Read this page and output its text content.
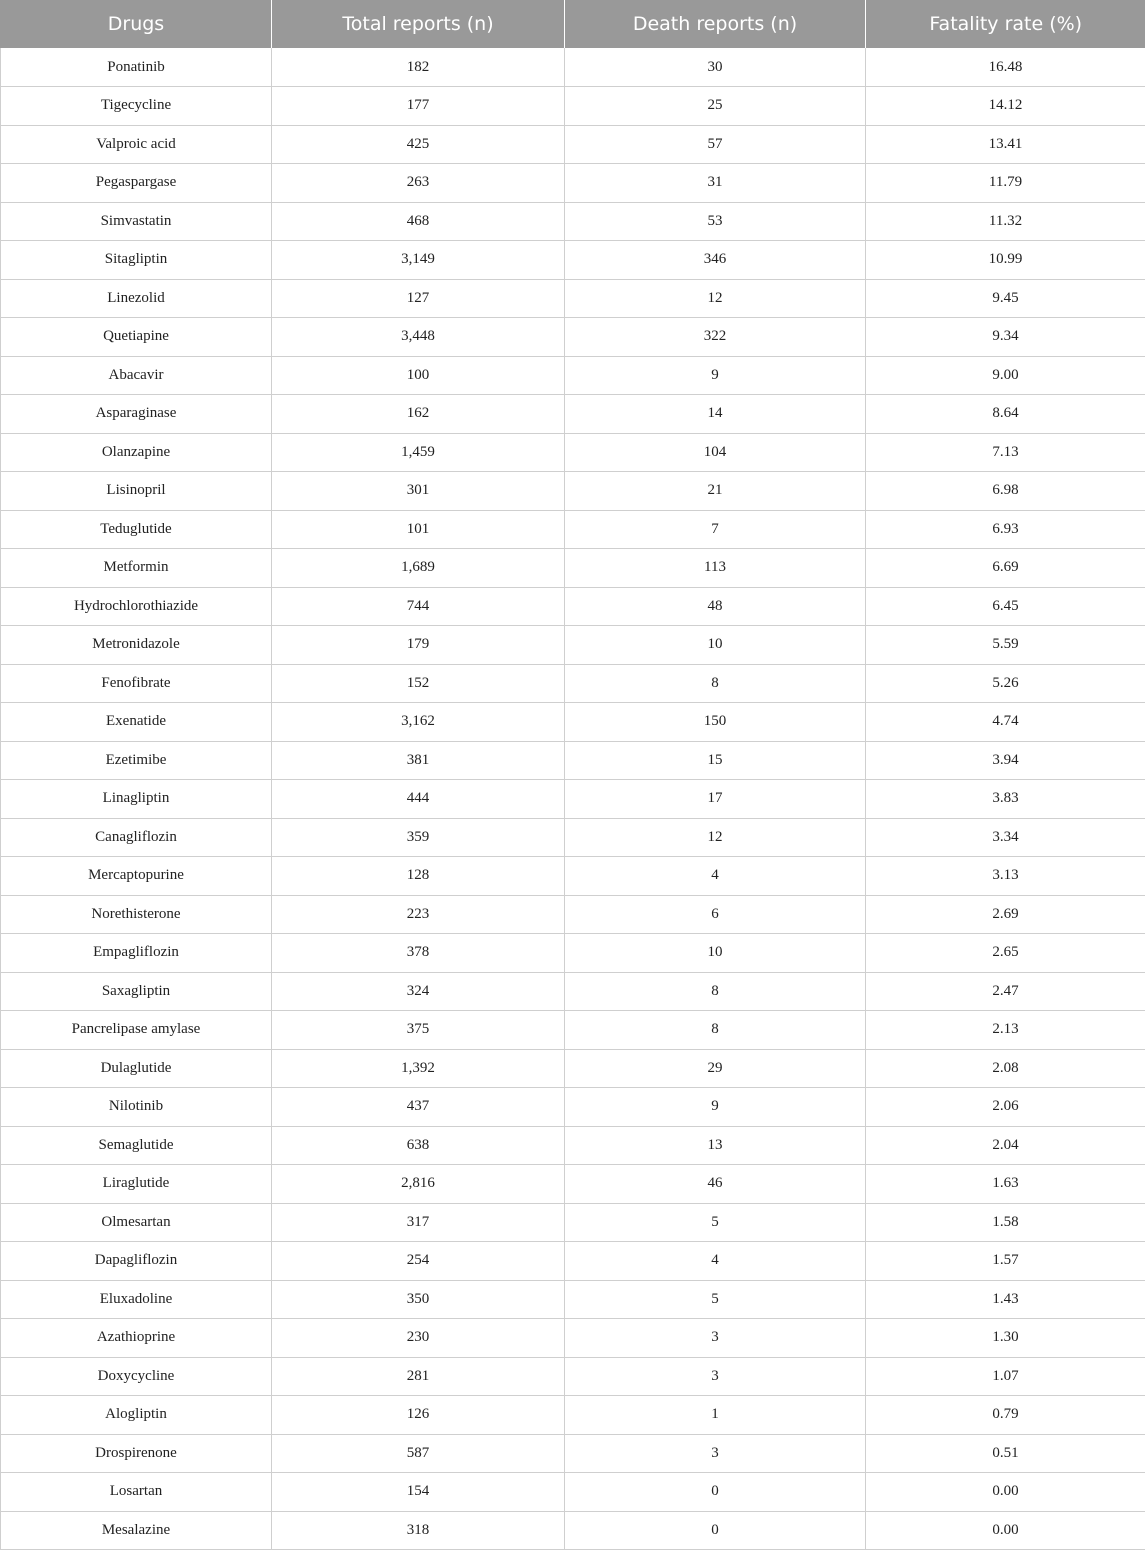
Drugs	Total reports (n)	Death reports (n)	Fatality rate (%)
Ponatinib	182	30	16.48
Tigecycline	177	25	14.12
Valproic acid	425	57	13.41
Pegaspargase	263	31	11.79
Simvastatin	468	53	11.32
Sitagliptin	3,149	346	10.99
Linezolid	127	12	9.45
Quetiapine	3,448	322	9.34
Abacavir	100	9	9.00
Asparaginase	162	14	8.64
Olanzapine	1,459	104	7.13
Lisinopril	301	21	6.98
Teduglutide	101	7	6.93
Metformin	1,689	113	6.69
Hydrochlorothiazide	744	48	6.45
Metronidazole	179	10	5.59
Fenofibrate	152	8	5.26
Exenatide	3,162	150	4.74
Ezetimibe	381	15	3.94
Linagliptin	444	17	3.83
Canagliflozin	359	12	3.34
Mercaptopurine	128	4	3.13
Norethisterone	223	6	2.69
Empagliflozin	378	10	2.65
Saxagliptin	324	8	2.47
Pancrelipase amylase	375	8	2.13
Dulaglutide	1,392	29	2.08
Nilotinib	437	9	2.06
Semaglutide	638	13	2.04
Liraglutide	2,816	46	1.63
Olmesartan	317	5	1.58
Dapagliflozin	254	4	1.57
Eluxadoline	350	5	1.43
Azathioprine	230	3	1.30
Doxycycline	281	3	1.07
Alogliptin	126	1	0.79
Drospirenone	587	3	0.51
Losartan	154	0	0.00
Mesalazine	318	0	0.00
